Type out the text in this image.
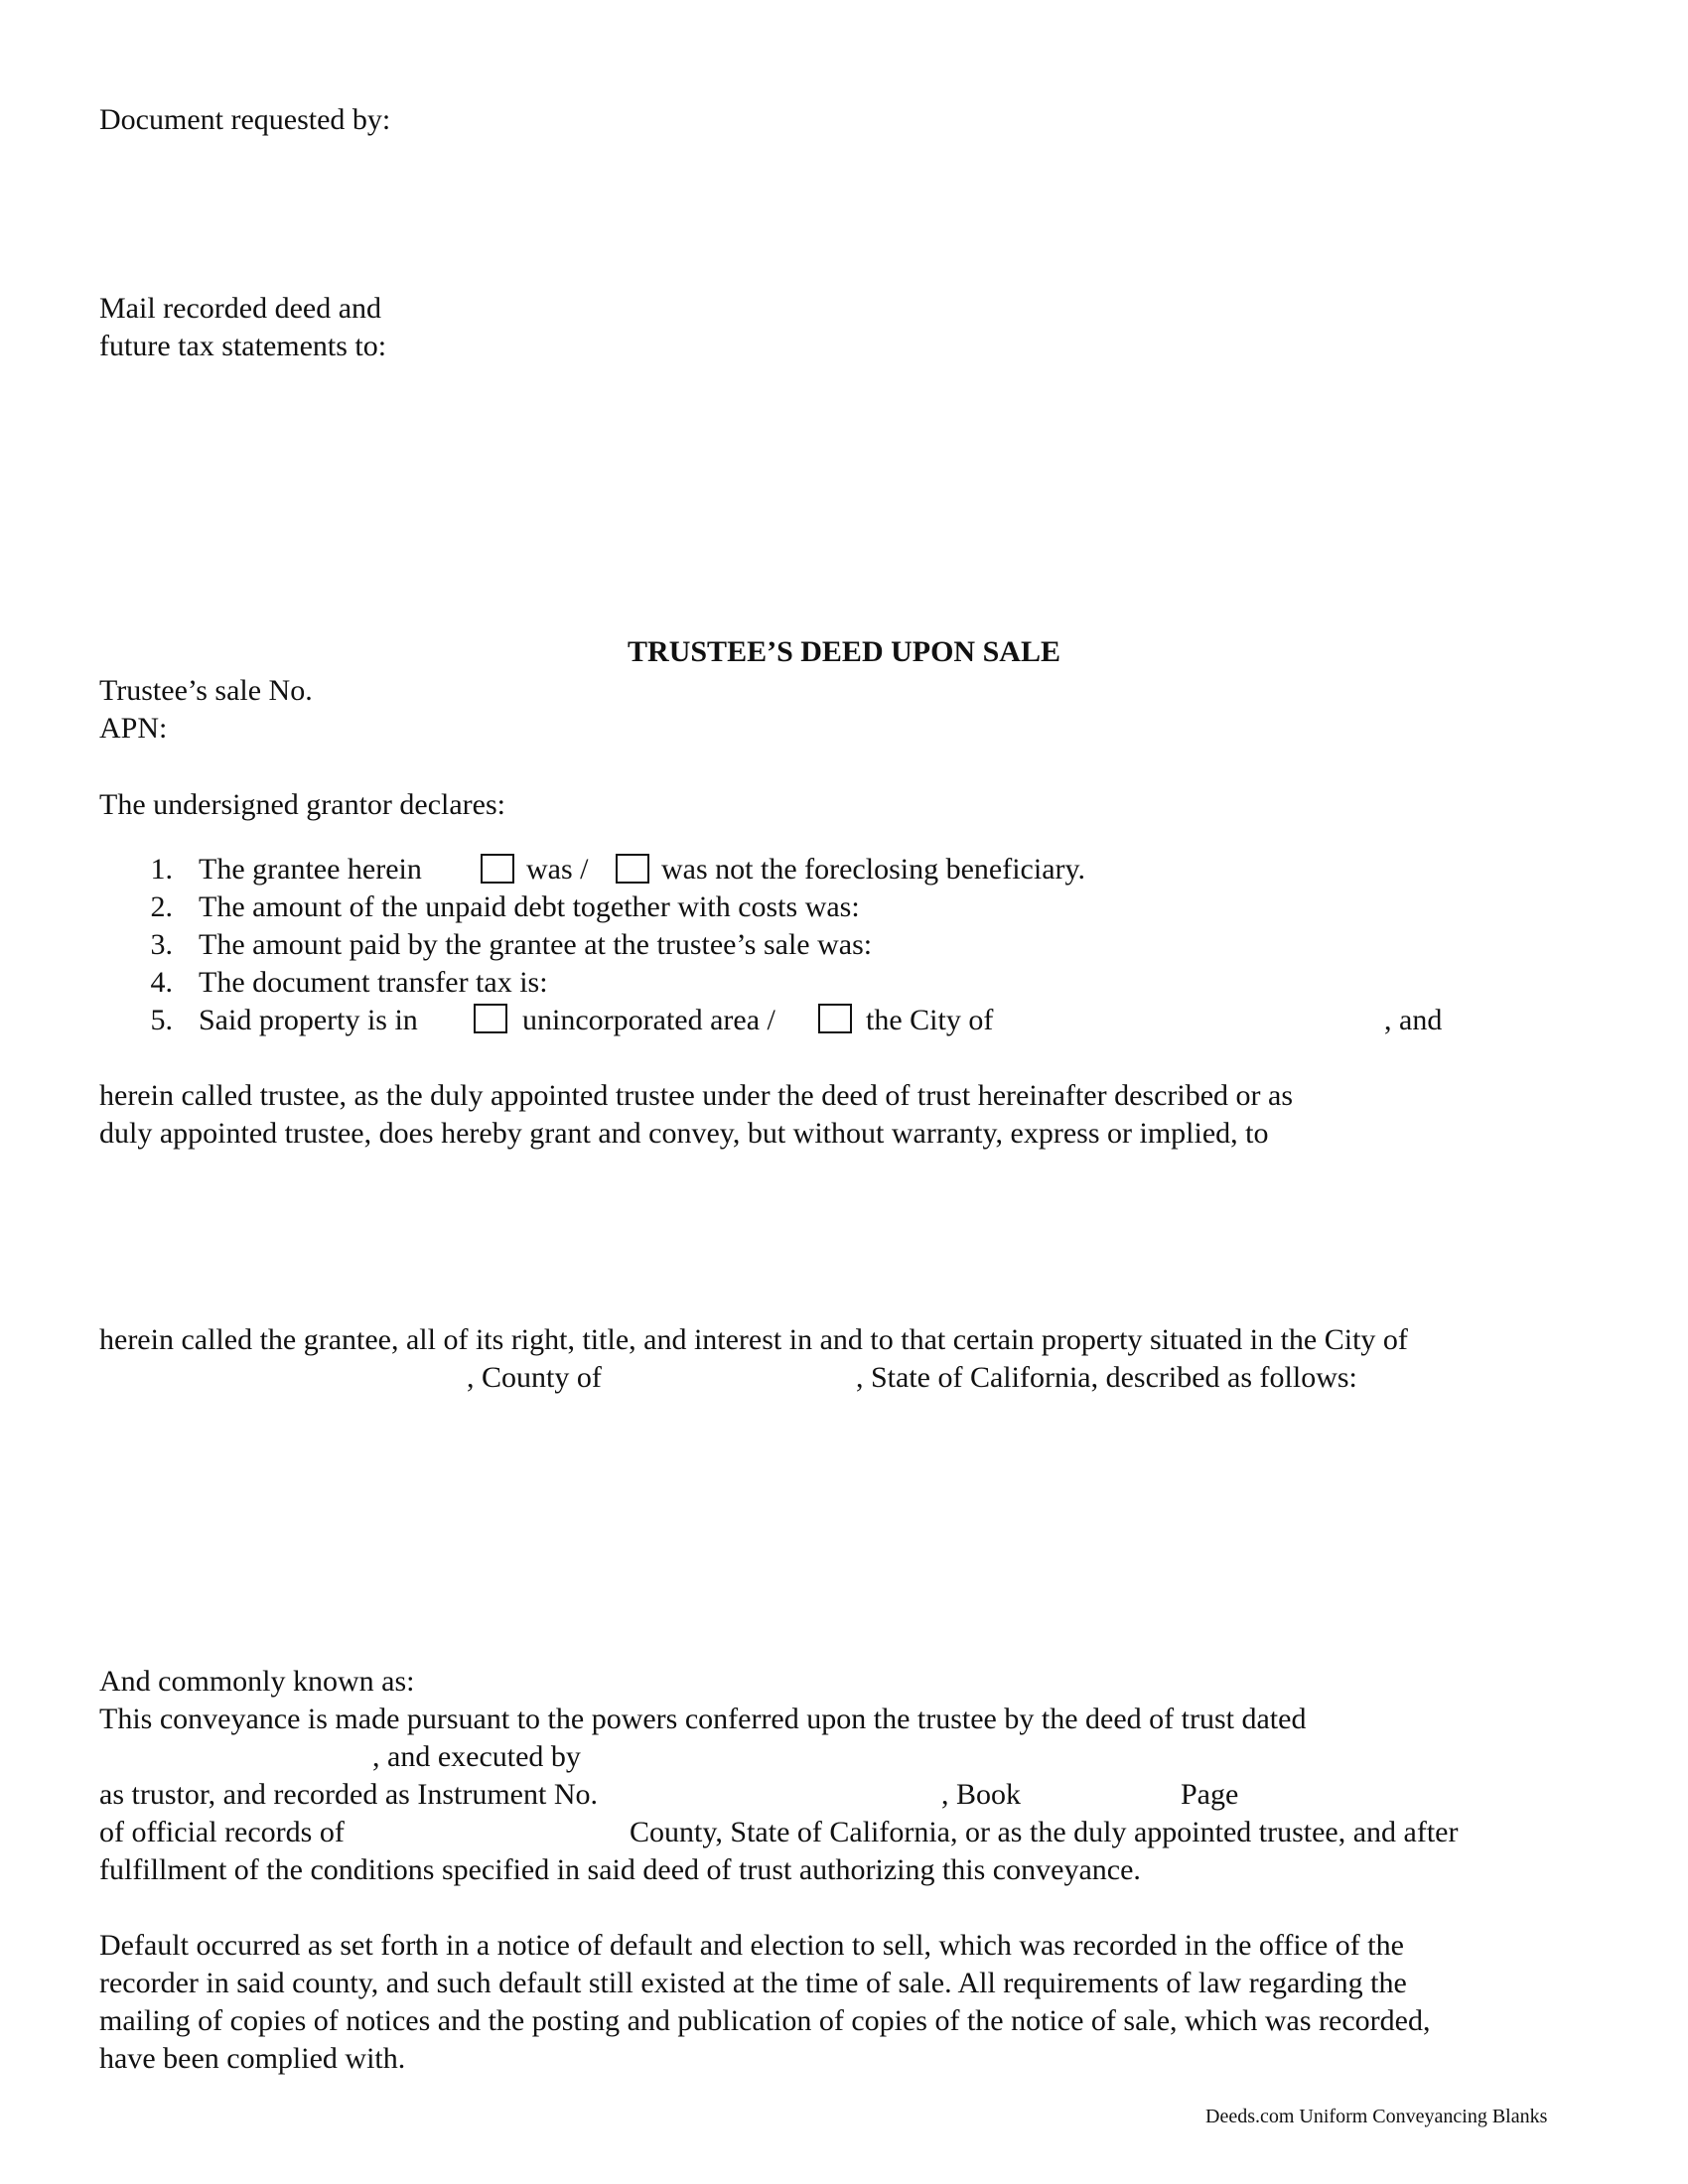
Document requested by:
Mail recorded deed and
future tax statements to:
TRUSTEE’S DEED UPON SALE
Trustee’s sale No.
APN:
The undersigned grantor declares:
1. The grantee herein	was / was not the foreclosing beneficiary.
2. The amount of the unpaid debt together with costs was:
3. The amount paid by the grantee at the trustee’s sale was:
4. The document transfer tax is:
5. Said property is in	unincorporated area /	the City of	, and
herein called trustee, as the duly appointed trustee under the deed of trust hereinafter described or as
duly appointed trustee, does hereby grant and convey, but without warranty, express or implied, to
herein called the grantee, all of its right, title, and interest in and to that certain property situated in the City of
, County of	, State of California, described as follows:
And commonly known as:
This conveyance is made pursuant to the powers conferred upon the trustee by the deed of trust dated
, and executed by
as trustor, and recorded as Instrument No.	, Book	Page
of official records of	County, State of California, or as the duly appointed trustee, and after
fulfillment of the conditions specified in said deed of trust authorizing this conveyance.
Default occurred as set forth in a notice of default and election to sell, which was recorded in the office of the
recorder in said county, and such default still existed at the time of sale. All requirements of law regarding the
mailing of copies of notices and the posting and publication of copies of the notice of sale, which was recorded,
have been complied with.
Deeds.com Uniform Conveyancing Blanks
